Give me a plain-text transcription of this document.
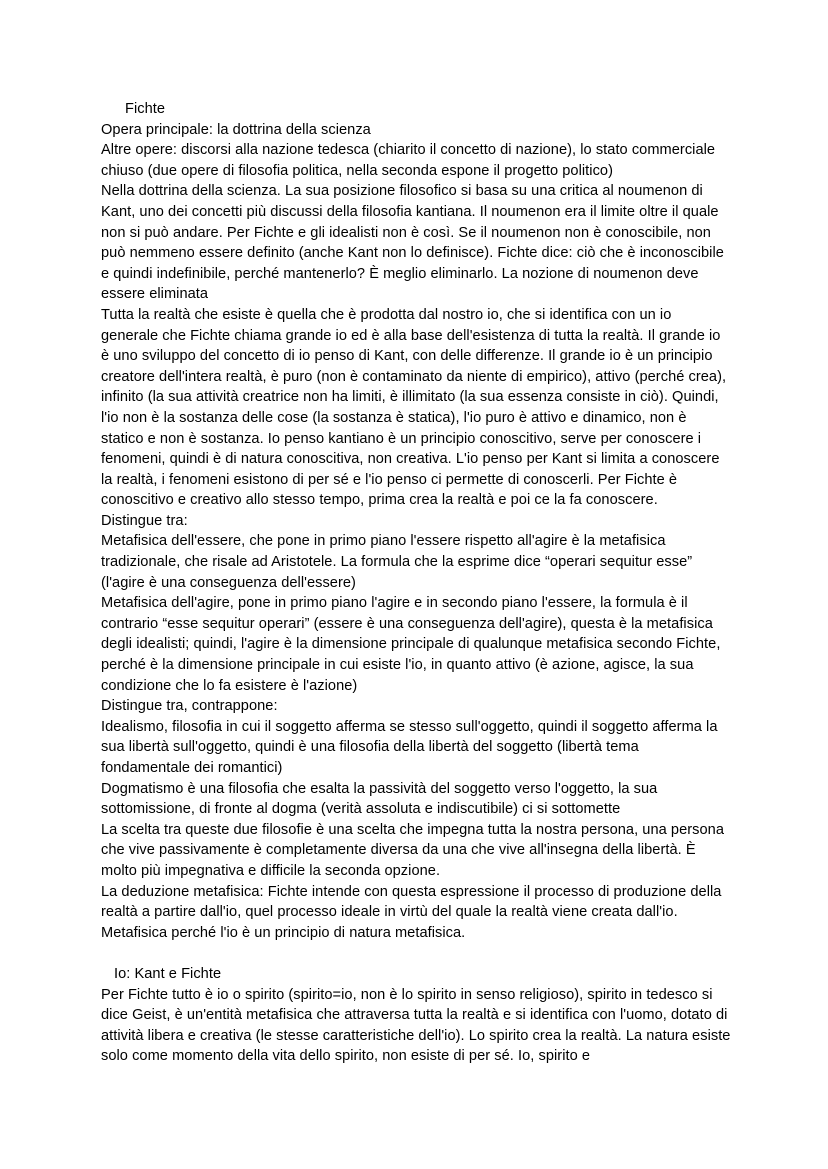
Fichte

Opera principale: la dottrina della scienza

Altre opere: discorsi alla nazione tedesca (chiarito il concetto di nazione), lo stato commerciale chiuso (due opere di filosofia politica, nella seconda espone il progetto politico)

Nella dottrina della scienza. La sua posizione filosofico si basa su una critica al noumenon di Kant, uno dei concetti più discussi della filosofia kantiana. Il noumenon era il limite oltre il quale non si può andare. Per Fichte e gli idealisti non è così. Se il noumenon non è conoscibile, non può nemmeno essere definito (anche Kant non lo definisce). Fichte dice: ciò che è inconoscibile e quindi indefinibile, perché mantenerlo? È meglio eliminarlo. La nozione di noumenon deve essere eliminata

Tutta la realtà che esiste è quella che è prodotta dal nostro io, che si identifica con un io generale che Fichte chiama grande io ed è alla base dell'esistenza di tutta la realtà. Il grande io è uno sviluppo del concetto di io penso di Kant, con delle differenze. Il grande io è un principio creatore dell'intera realtà, è puro (non è contaminato da niente di empirico), attivo (perché crea), infinito (la sua attività creatrice non ha limiti, è illimitato (la sua essenza consiste in ciò). Quindi, l'io non è la sostanza delle cose (la sostanza è statica), l'io puro è attivo e dinamico, non è statico e non è sostanza. Io penso kantiano è un principio conoscitivo, serve per conoscere i fenomeni, quindi è di natura conoscitiva, non creativa. L'io penso per Kant si limita a conoscere la realtà, i fenomeni esistono di per sé e l'io penso ci permette di conoscerli. Per Fichte è conoscitivo e creativo allo stesso tempo, prima crea la realtà e poi ce la fa conoscere.

Distingue tra:

Metafisica dell'essere, che pone in primo piano l'essere rispetto all'agire è la metafisica tradizionale, che risale ad Aristotele. La formula che la esprime dice “operari sequitur esse” (l'agire è una conseguenza dell'essere)

Metafisica dell'agire, pone in primo piano l'agire e in secondo piano l'essere, la formula è il contrario “esse sequitur operari” (essere è una conseguenza dell'agire), questa è la metafisica degli idealisti; quindi, l'agire è la dimensione principale di qualunque metafisica secondo Fichte, perché è la dimensione principale in cui esiste l'io, in quanto attivo (è azione, agisce, la sua condizione che lo fa esistere è l'azione)

Distingue tra, contrappone:

Idealismo, filosofia in cui il soggetto afferma se stesso sull'oggetto, quindi il soggetto afferma la sua libertà sull'oggetto, quindi è una filosofia della libertà del soggetto (libertà tema fondamentale dei romantici)

Dogmatismo è una filosofia che esalta la passività del soggetto verso l'oggetto, la sua sottomissione, di fronte al dogma (verità assoluta e indiscutibile) ci si sottomette

La scelta tra queste due filosofie è una scelta che impegna tutta la nostra persona, una persona che vive passivamente è completamente diversa da una che vive all'insegna della libertà. È molto più impegnativa e difficile la seconda opzione.

La deduzione metafisica: Fichte intende con questa espressione il processo di produzione della realtà a partire dall'io, quel processo ideale in virtù del quale la realtà viene creata dall'io. Metafisica perché l'io è un principio di natura metafisica.

Io: Kant e Fichte

Per Fichte tutto è io o spirito (spirito=io, non è lo spirito in senso religioso), spirito in tedesco si dice Geist, è un'entità metafisica che attraversa tutta la realtà e si identifica con l'uomo, dotato di attività libera e creativa (le stesse caratteristiche dell'io). Lo spirito crea la realtà. La natura esiste solo come momento della vita dello spirito, non esiste di per sé. Io, spirito e
